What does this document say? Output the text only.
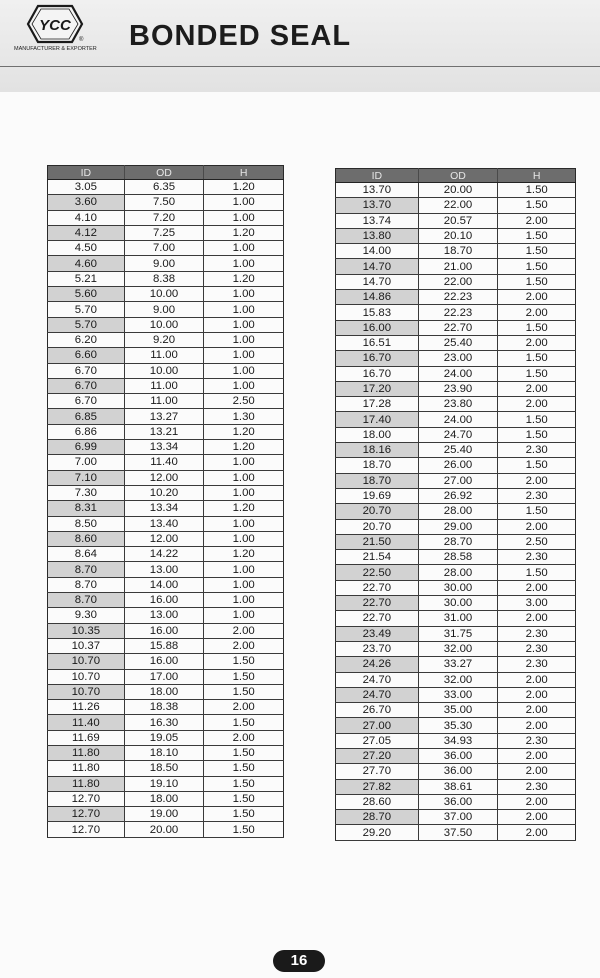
YCC
®
MANUFACTURER & EXPORTER	BONDED SEAL
ID	OD	H
3.05	6.35	1.20
3.60	7.50	1.00
4.10	7.20	1.00
4.12	7.25	1.20
4.50	7.00	1.00
4.60	9.00	1.00
5.21	8.38	1.20
5.60	10.00	1.00
5.70	9.00	1.00
5.70	10.00	1.00
6.20	9.20	1.00
6.60	11.00	1.00
6.70	10.00	1.00
6.70	11.00	1.00
6.70	11.00	2.50
6.85	13.27	1.30
6.86	13.21	1.20
6.99	13.34	1.20
7.00	11.40	1.00
7.10	12.00	1.00
7.30	10.20	1.00
8.31	13.34	1.20
8.50	13.40	1.00
8.60	12.00	1.00
8.64	14.22	1.20
8.70	13.00	1.00
8.70	14.00	1.00
8.70	16.00	1.00
9.30	13.00	1.00
10.35	16.00	2.00
10.37	15.88	2.00
10.70	16.00	1.50
10.70	17.00	1.50
10.70	18.00	1.50
11.26	18.38	2.00
11.40	16.30	1.50
11.69	19.05	2.00
11.80	18.10	1.50
11.80	18.50	1.50
11.80	19.10	1.50
12.70	18.00	1.50
12.70	19.00	1.50
12.70	20.00	1.50
ID	OD	H
13.70	20.00	1.50
13.70	22.00	1.50
13.74	20.57	2.00
13.80	20.10	1.50
14.00	18.70	1.50
14.70	21.00	1.50
14.70	22.00	1.50
14.86	22.23	2.00
15.83	22.23	2.00
16.00	22.70	1.50
16.51	25.40	2.00
16.70	23.00	1.50
16.70	24.00	1.50
17.20	23.90	2.00
17.28	23.80	2.00
17.40	24.00	1.50
18.00	24.70	1.50
18.16	25.40	2.30
18.70	26.00	1.50
18.70	27.00	2.00
19.69	26.92	2.30
20.70	28.00	1.50
20.70	29.00	2.00
21.50	28.70	2.50
21.54	28.58	2.30
22.50	28.00	1.50
22.70	30.00	2.00
22.70	30.00	3.00
22.70	31.00	2.00
23.49	31.75	2.30
23.70	32.00	2.30
24.26	33.27	2.30
24.70	32.00	2.00
24.70	33.00	2.00
26.70	35.00	2.00
27.00	35.30	2.00
27.05	34.93	2.30
27.20	36.00	2.00
27.70	36.00	2.00
27.82	38.61	2.30
28.60	36.00	2.00
28.70	37.00	2.00
29.20	37.50	2.00
16
